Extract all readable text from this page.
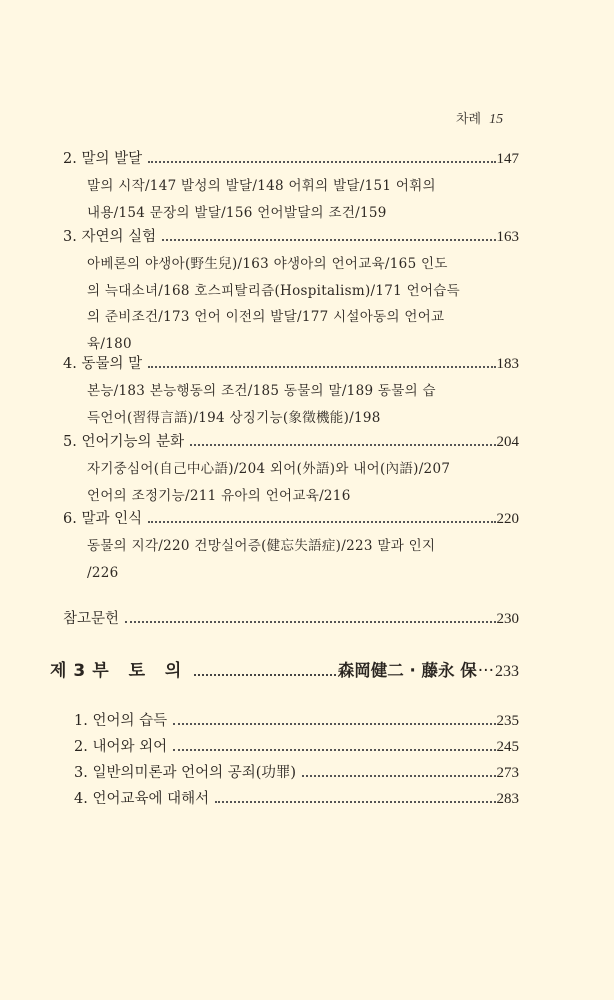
차례 15
2. 말의 발달	147
말의 시작/147 발성의 발달/148 어휘의 발달/151 어휘의
내용/154 문장의 발달/156 언어발달의 조건/159
3. 자연의 실험	163
아베론의 야생아(野生兒)/163 야생아의 언어교육/165 인도
의 늑대소녀/168 호스피탈리즘(Hospitalism)/171 언어습득
의 준비조건/173 언어 이전의 발달/177 시설아동의 언어교
육/180
4. 동물의 말	183
본능/183 본능행동의 조건/185 동물의 말/189 동물의 습
득언어(習得言語)/194 상징기능(象徵機能)/198
5. 언어기능의 분화	204
자기중심어(自己中心語)/204 외어(外語)와 내어(內語)/207
언어의 조정기능/211 유아의 언어교육/216
6. 말과 인식	220
동물의 지각/220 건망실어증(健忘失語症)/223 말과 인지
/226
참고문헌	230
제3부 토 의	森岡健二 · 藤永 保 ··· 233
1. 언어의 습득	235
2. 내어와 외어	245
3. 일반의미론과 언어의 공죄(功罪)	273
4. 언어교육에 대해서	283
